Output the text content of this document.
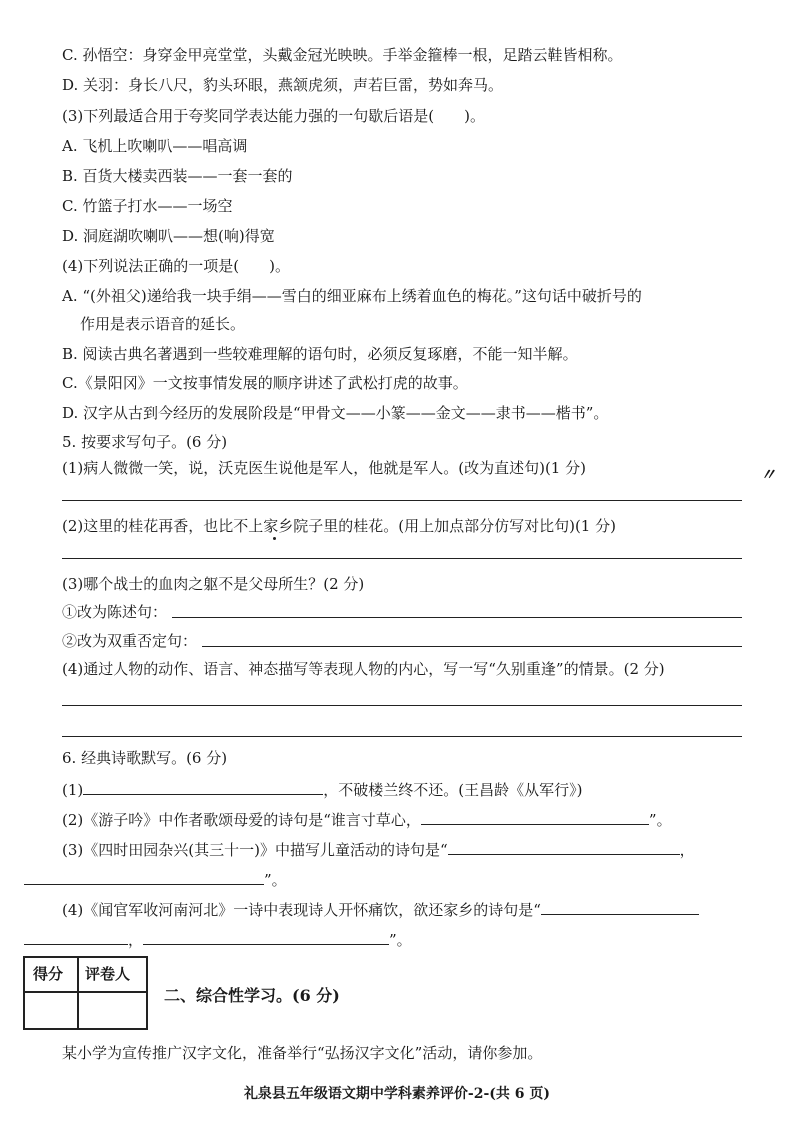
C. 孙悟空：身穿金甲亮堂堂，头戴金冠光映映。手举金箍棒一根，足踏云鞋皆相称。
D. 关羽：身长八尺，豹头环眼，燕颔虎须，声若巨雷，势如奔马。
(3)下列最适合用于夸奖同学表达能力强的一句歇后语是(　　)。
A. 飞机上吹喇叭——唱高调
B. 百货大楼卖西装——一套一套的
C. 竹篮子打水——一场空
D. 洞庭湖吹喇叭——想(响)得宽
(4)下列说法正确的一项是(　　)。
A. “(外祖父)递给我一块手绢——雪白的细亚麻布上绣着血色的梅花。”这句话中破折号的
作用是表示语音的延长。
B. 阅读古典名著遇到一些较难理解的语句时，必须反复琢磨，不能一知半解。
C.《景阳冈》一文按事情发展的顺序讲述了武松打虎的故事。
D. 汉字从古到今经历的发展阶段是“甲骨文——小篆——金文——隶书——楷书”。
5. 按要求写句子。(6 分)
(1)病人微微一笑，说，沃克医生说他是军人，他就是军人。(改为直述句)(1 分)	〃
(2)这里的桂花再香，也比不上家乡院子里的桂花。(用上加点部分仿写对比句)(1 分)
(3)哪个战士的血肉之躯不是父母所生？(2 分)
①改为陈述句：
②改为双重否定句：
(4)通过人物的动作、语言、神态描写等表现人物的内心，写一写“久别重逢”的情景。(2 分)
6. 经典诗歌默写。(6 分)
(1)	，不破楼兰终不还。(王昌龄《从军行》)
(2)《游子吟》中作者歌颂母爱的诗句是“谁言寸草心，	”。
(3)《四时田园杂兴(其三十一)》中描写儿童活动的诗句是“	，
”。
(4)《闻官军收河南河北》一诗中表现诗人开怀痛饮，欲还家乡的诗句是“
，	”。
得分 评卷人
二、综合性学习。(6 分)
某小学为宣传推广汉字文化，准备举行“弘扬汉字文化”活动，请你参加。
礼泉县五年级语文期中学科素养评价-2-(共 6 页)
